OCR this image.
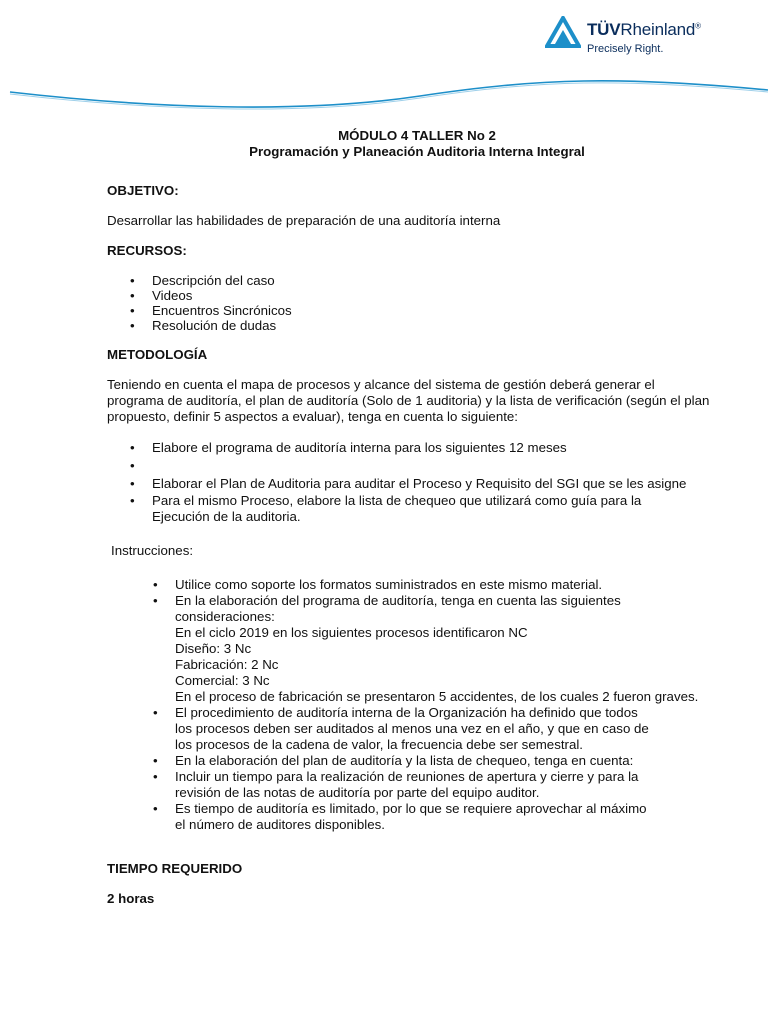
TÜVRheinland®
Precisely Right.

MÓDULO 4 TALLER No 2

Programación y Planeación Auditoria Interna Integral

OBJETIVO:

Desarrollar las habilidades de preparación de una auditoría interna

RECURSOS:

• Descripción del caso
• Videos
• Encuentros Sincrónicos
• Resolución de dudas

METODOLOGÍA

Teniendo en cuenta el mapa de procesos y alcance del sistema de gestión deberá generar el

programa de auditoría, el plan de auditoría (Solo de 1 auditoria) y la lista de verificación (según el plan

propuesto, definir 5 aspectos a evaluar), tenga en cuenta lo siguiente:

• Elabore el programa de auditoría interna para los siguientes 12 meses
•
• Elaborar el Plan de Auditoria para auditar el Proceso y Requisito del SGI que se les asigne
• Para el mismo Proceso, elabore la lista de chequeo que utilizará como guía para la
Ejecución de la auditoria.

Instrucciones:

• Utilice como soporte los formatos suministrados en este mismo material.
• En la elaboración del programa de auditoría, tenga en cuenta las siguientes
consideraciones:
En el ciclo 2019 en los siguientes procesos identificaron NC
Diseño: 3 Nc
Fabricación: 2 Nc
Comercial: 3 Nc
En el proceso de fabricación se presentaron 5 accidentes, de los cuales 2 fueron graves.
• El procedimiento de auditoría interna de la Organización ha definido que todos
los procesos deben ser auditados al menos una vez en el año, y que en caso de
los procesos de la cadena de valor, la frecuencia debe ser semestral.
• En la elaboración del plan de auditoría y la lista de chequeo, tenga en cuenta:
• Incluir un tiempo para la realización de reuniones de apertura y cierre y para la
revisión de las notas de auditoría por parte del equipo auditor.
• Es tiempo de auditoría es limitado, por lo que se requiere aprovechar al máximo
el número de auditores disponibles.

TIEMPO REQUERIDO

2 horas
